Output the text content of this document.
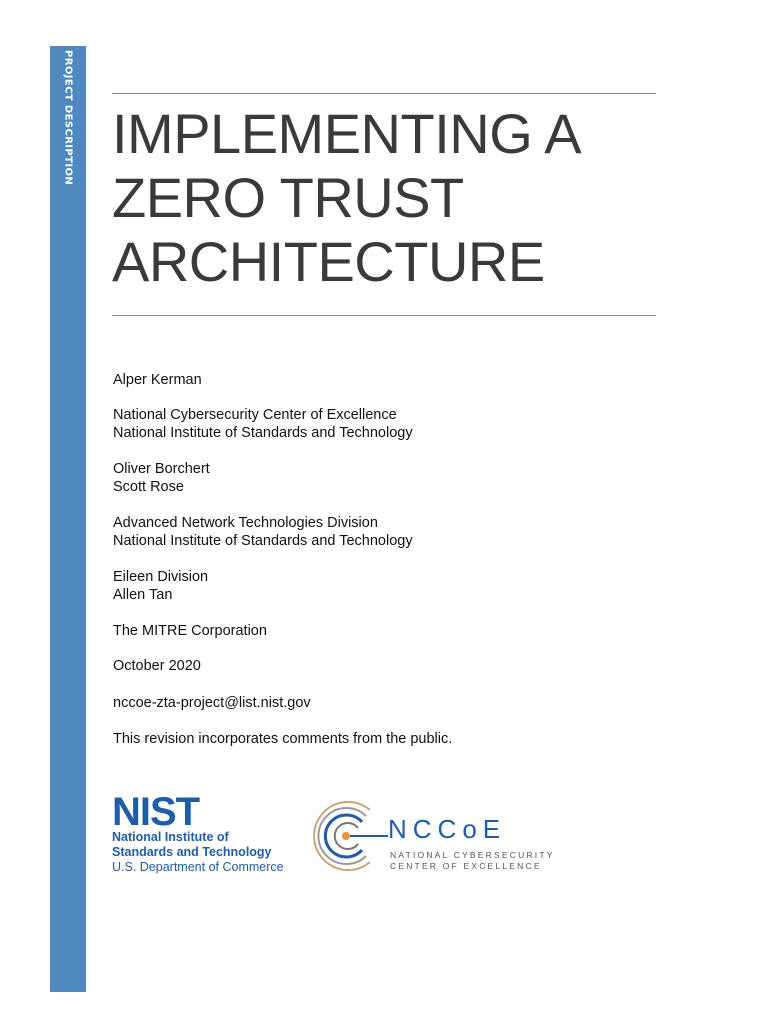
PROJECT DESCRIPTION IMPLEMENTING A
ZERO TRUST
ARCHITECTURE
Alper Kerman
National Cybersecurity Center of Excellence
National Institute of Standards and Technology
Oliver Borchert
Scott Rose
Advanced Network Technologies Division
National Institute of Standards and Technology
Eileen Division
Allen Tan
The MITRE Corporation
October 2020
nccoe-zta-project@list.nist.gov
This revision incorporates comments from the public.
NIST
National Institute of
Standards and Technology
U.S. Department of Commerce
NCCoE
NATIONAL CYBERSECURITY
CENTER OF EXCELLENCE
